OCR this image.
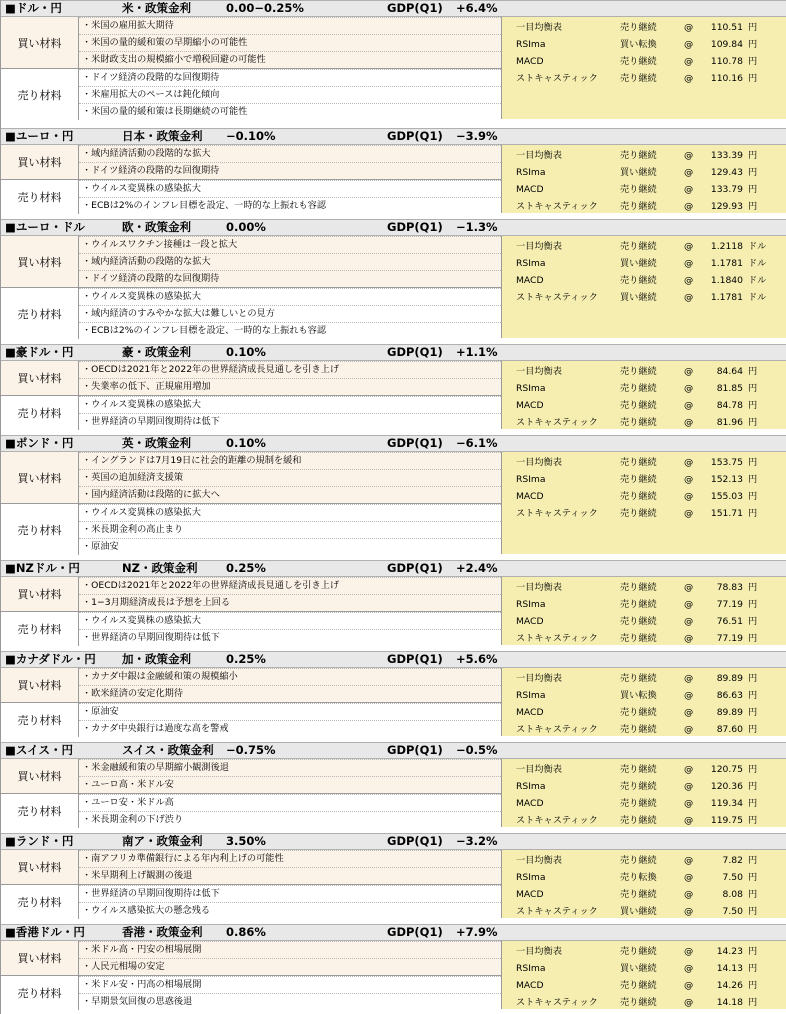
■ドル・円	米・政策金利	0.00−0.25%	GDP(Q1) +6.4%
買い材料
・米国の雇用拡大期待
・米国の量的緩和策の早期縮小の可能性
・米財政支出の規模縮小で増税回避の可能性
売り材料
・ドイツ経済の段階的な回復期待
・米雇用拡大のペースは鈍化傾向
・米国の量的緩和策は長期継続の可能性
一目均衡表	売り継続	@ 110.51 円
RSIma	買い転換	@ 109.84 円
MACD	売り継続	@ 110.78 円
ストキャスティック 売り継続	@ 110.16 円
■ユーロ・円	日本・政策金利 −0.10%	GDP(Q1) −3.9%
買い材料
・域内経済活動の段階的な拡大
・ドイツ経済の段階的な回復期待
売り材料
・ウイルス変異株の感染拡大
・ECBは2%のインフレ目標を設定、一時的な上振れも容認
一目均衡表	売り継続	@ 133.39 円
RSIma	買い継続	@ 129.43 円
MACD	売り継続	@ 133.79 円
ストキャスティック 売り継続	@ 129.93 円
■ユーロ・ドル	欧・政策金利	0.00%	GDP(Q1) −1.3%
買い材料
・ウイルスワクチン接種は一段と拡大
・域内経済活動の段階的な拡大
・ドイツ経済の段階的な回復期待
売り材料
・ウイルス変異株の感染拡大
・域内経済のすみやかな拡大は難しいとの見方
・ECBは2%のインフレ目標を設定、一時的な上振れも容認
一目均衡表	売り継続	@ 1.2118 ドル
RSIma	買い継続	@ 1.1781 ドル
MACD	売り継続	@ 1.1840 ドル
ストキャスティック 買い継続	@ 1.1781 ドル
■豪ドル・円	豪・政策金利	0.10%	GDP(Q1) +1.1%
買い材料
・OECDは2021年と2022年の世界経済成長見通しを引き上げ
・失業率の低下、正規雇用増加
売り材料
・ウイルス変異株の感染拡大
・世界経済の早期回復期待は低下
一目均衡表	売り継続	@	84.64 円
RSIma	売り継続	@	81.85 円
MACD	売り継続	@	84.78 円
ストキャスティック 売り継続	@	81.96 円
■ポンド・円	英・政策金利	0.10%	GDP(Q1) −6.1%
買い材料
・イングランドは7月19日に社会的距離の規制を緩和
・英国の追加経済支援策
・国内経済活動は段階的に拡大へ
売り材料
・ウイルス変異株の感染拡大
・米長期金利の高止まり
・原油安
一目均衡表	売り継続	@ 153.75 円
RSIma	売り継続	@ 152.13 円
MACD	売り継続	@ 155.03 円
ストキャスティック 売り継続	@ 151.71 円
■NZドル・円	NZ・政策金利 0.25%	GDP(Q1) +2.4%
買い材料
・OECDは2021年と2022年の世界経済成長見通しを引き上げ
・1−3月期経済成長は予想を上回る
売り材料
・ウイルス変異株の感染拡大
・世界経済の早期回復期待は低下
一目均衡表	売り継続	@	78.83 円
RSIma	売り継続	@	77.19 円
MACD	売り継続	@	76.51 円
ストキャスティック 売り継続	@	77.19 円
■カナダドル・円 加・政策金利	0.25%	GDP(Q1) +5.6%
買い材料
・カナダ中銀は金融緩和策の規模縮小
・欧米経済の安定化期待
売り材料
・原油安
・カナダ中央銀行は過度な高を警戒
一目均衡表	売り継続	@	89.89 円
RSIma	買い転換	@	86.63 円
MACD	売り継続	@	89.89 円
ストキャスティック 売り継続	@	87.60 円
■スイス・円	スイス・政策金利 −0.75%	GDP(Q1) −0.5%
買い材料
・米金融緩和策の早期縮小観測後退
・ユーロ高・米ドル安
売り材料
・ユーロ安・米ドル高
・米長期金利の下げ渋り
一目均衡表	売り継続	@ 120.75 円
RSIma	売り継続	@ 120.36 円
MACD	売り継続	@ 119.34 円
ストキャスティック 売り継続	@ 119.75 円
■ランド・円	南ア・政策金利 3.50%	GDP(Q1) −3.2%
買い材料
・南アフリカ準備銀行による年内利上げの可能性
・米早期利上げ観測の後退
売り材料
・世界経済の早期回復期待は低下
・ウイルス感染拡大の懸念残る
一目均衡表	売り継続	@	7.82 円
RSIma	売り転換	@	7.50 円
MACD	売り継続	@	8.08 円
ストキャスティック 買い継続	@	7.50 円
■香港ドル・円	香港・政策金利 0.86%	GDP(Q1) +7.9%
買い材料
・米ドル高・円安の相場展開
・人民元相場の安定
売り材料
・米ドル安・円高の相場展開
・早期景気回復の思惑後退
一目均衡表	売り継続	@	14.23 円
RSIma	買い継続	@	14.13 円
MACD	売り継続	@	14.26 円
ストキャスティック 売り継続	@	14.18 円
